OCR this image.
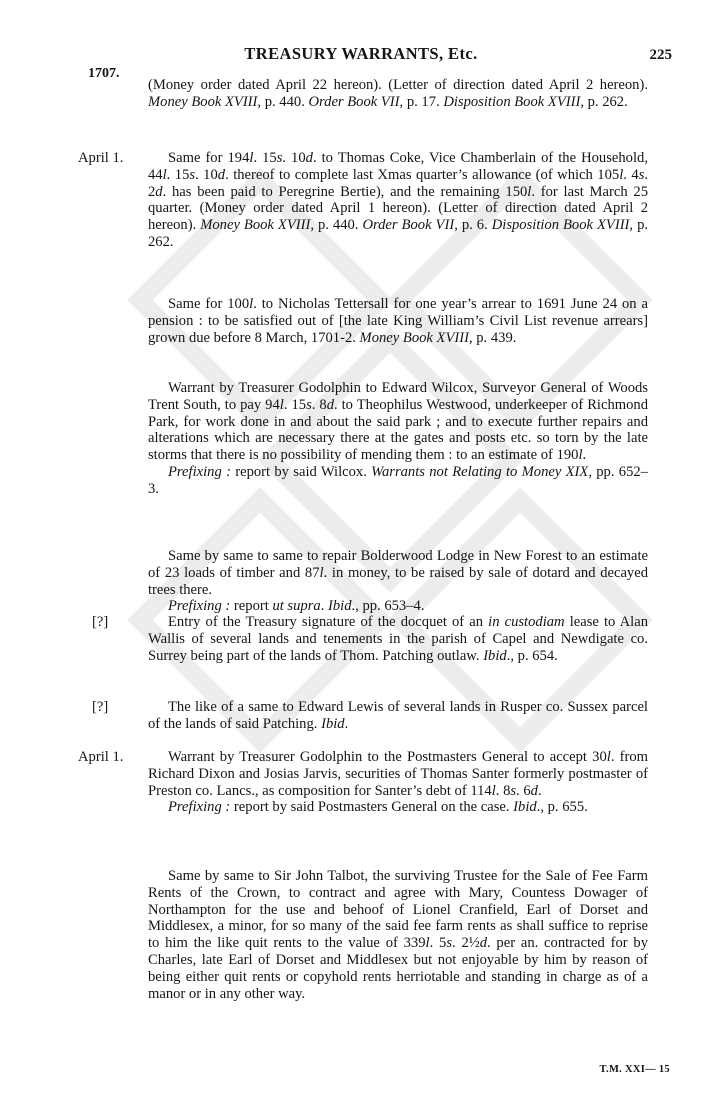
TREASURY WARRANTS, Etc.	225
1707.

(Money order dated April 22 hereon). (Letter of direction dated April 2 hereon). Money Book XVIII, p. 440. Order Book VII, p. 17. Disposition Book XVIII, p. 262.

April 1.	Same for 194l. 15s. 10d. to Thomas Coke, Vice Chamberlain of the Household, 44l. 15s. 10d. thereof to complete last Xmas quarter’s allowance (of which 105l. 4s. 2d. has been paid to Peregrine Bertie), and the remaining 150l. for last March 25 quarter. (Money order dated April 1 hereon). (Letter of direction dated April 2 hereon). Money Book XVIII, p. 440. Order Book VII, p. 6. Disposition Book XVIII, p. 262.

Same for 100l. to Nicholas Tettersall for one year’s arrear to 1691 June 24 on a pension : to be satisfied out of [the late King William’s Civil List revenue arrears] grown due before 8 March, 1701-2. Money Book XVIII, p. 439.

Warrant by Treasurer Godolphin to Edward Wilcox, Surveyor General of Woods Trent South, to pay 94l. 15s. 8d. to Theophilus Westwood, underkeeper of Richmond Park, for work done in and about the said park ; and to execute further repairs and alterations which are necessary there at the gates and posts etc. so torn by the late storms that there is no possibility of mending them : to an estimate of 190l.

Prefixing : report by said Wilcox. Warrants not Relating to Money XIX, pp. 652–3.

Same by same to same to repair Bolderwood Lodge in New Forest to an estimate of 23 loads of timber and 87l. in money, to be raised by sale of dotard and decayed trees there.

Prefixing : report ut supra. Ibid., pp. 653–4.

[?]	Entry of the Treasury signature of the docquet of an in custodiam lease to Alan Wallis of several lands and tenements in the parish of Capel and Newdigate co. Surrey being part of the lands of Thom. Patching outlaw. Ibid., p. 654.

[?]	The like of a same to Edward Lewis of several lands in Rusper co. Sussex parcel of the lands of said Patching. Ibid.

April 1.	Warrant by Treasurer Godolphin to the Postmasters General to accept 30l. from Richard Dixon and Josias Jarvis, securities of Thomas Santer formerly postmaster of Preston co. Lancs., as composition for Santer’s debt of 114l. 8s. 6d.

Prefixing : report by said Postmasters General on the case. Ibid., p. 655.

Same by same to Sir John Talbot, the surviving Trustee for the Sale of Fee Farm Rents of the Crown, to contract and agree with Mary, Countess Dowager of Northampton for the use and behoof of Lionel Cranfield, Earl of Dorset and Middlesex, a minor, for so many of the said fee farm rents as shall suffice to reprise to him the like quit rents to the value of 339l. 5s. 2½d. per an. contracted for by Charles, late Earl of Dorset and Middlesex but not enjoyable by him by reason of being either quit rents or copyhold rents herriotable and standing in charge as of a manor or in any other way.

T.M. XXI— 15
